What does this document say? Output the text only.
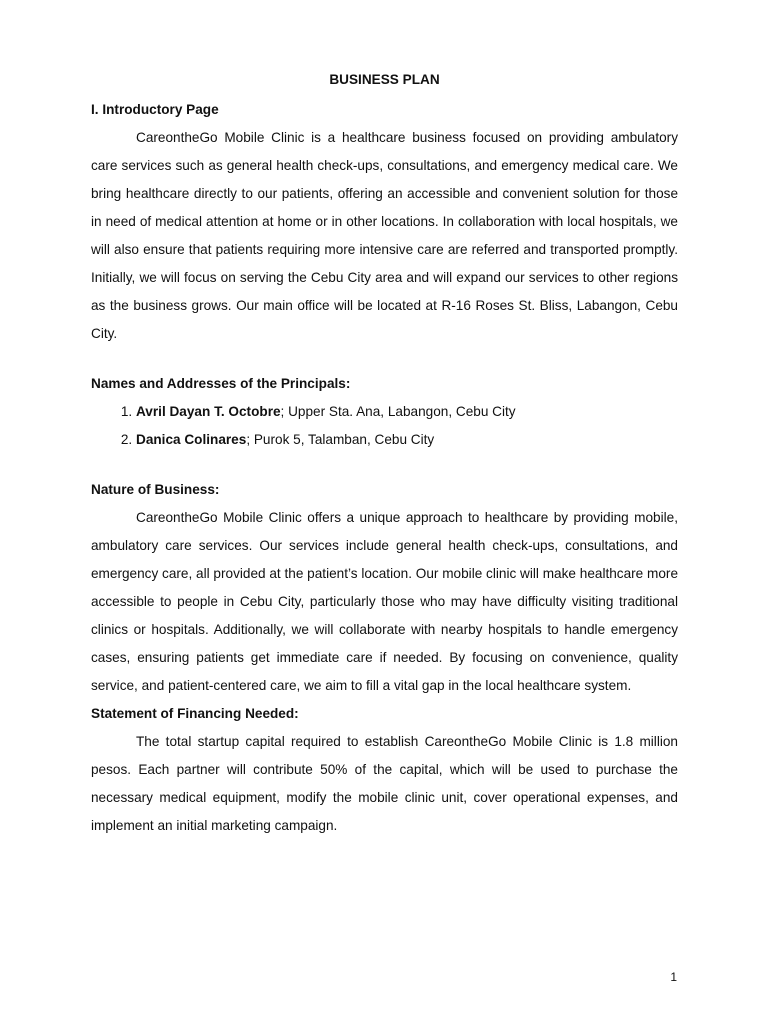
BUSINESS PLAN

I. Introductory Page

CareontheGo Mobile Clinic is a healthcare business focused on providing ambulatory care services such as general health check-ups, consultations, and emergency medical care. We bring healthcare directly to our patients, offering an accessible and convenient solution for those in need of medical attention at home or in other locations. In collaboration with local hospitals, we will also ensure that patients requiring more intensive care are referred and transported promptly. Initially, we will focus on serving the Cebu City area and will expand our services to other regions as the business grows. Our main office will be located at R-16 Roses St. Bliss, Labangon, Cebu City.

Names and Addresses of the Principals:

1. Avril Dayan T. Octobre; Upper Sta. Ana, Labangon, Cebu City
2. Danica Colinares; Purok 5, Talamban, Cebu City

Nature of Business:

CareontheGo Mobile Clinic offers a unique approach to healthcare by providing mobile, ambulatory care services. Our services include general health check-ups, consultations, and emergency care, all provided at the patient’s location. Our mobile clinic will make healthcare more accessible to people in Cebu City, particularly those who may have difficulty visiting traditional clinics or hospitals. Additionally, we will collaborate with nearby hospitals to handle emergency cases, ensuring patients get immediate care if needed. By focusing on convenience, quality service, and patient-centered care, we aim to fill a vital gap in the local healthcare system.

Statement of Financing Needed:

The total startup capital required to establish CareontheGo Mobile Clinic is 1.8 million pesos. Each partner will contribute 50% of the capital, which will be used to purchase the necessary medical equipment, modify the mobile clinic unit, cover operational expenses, and implement an initial marketing campaign.

1
